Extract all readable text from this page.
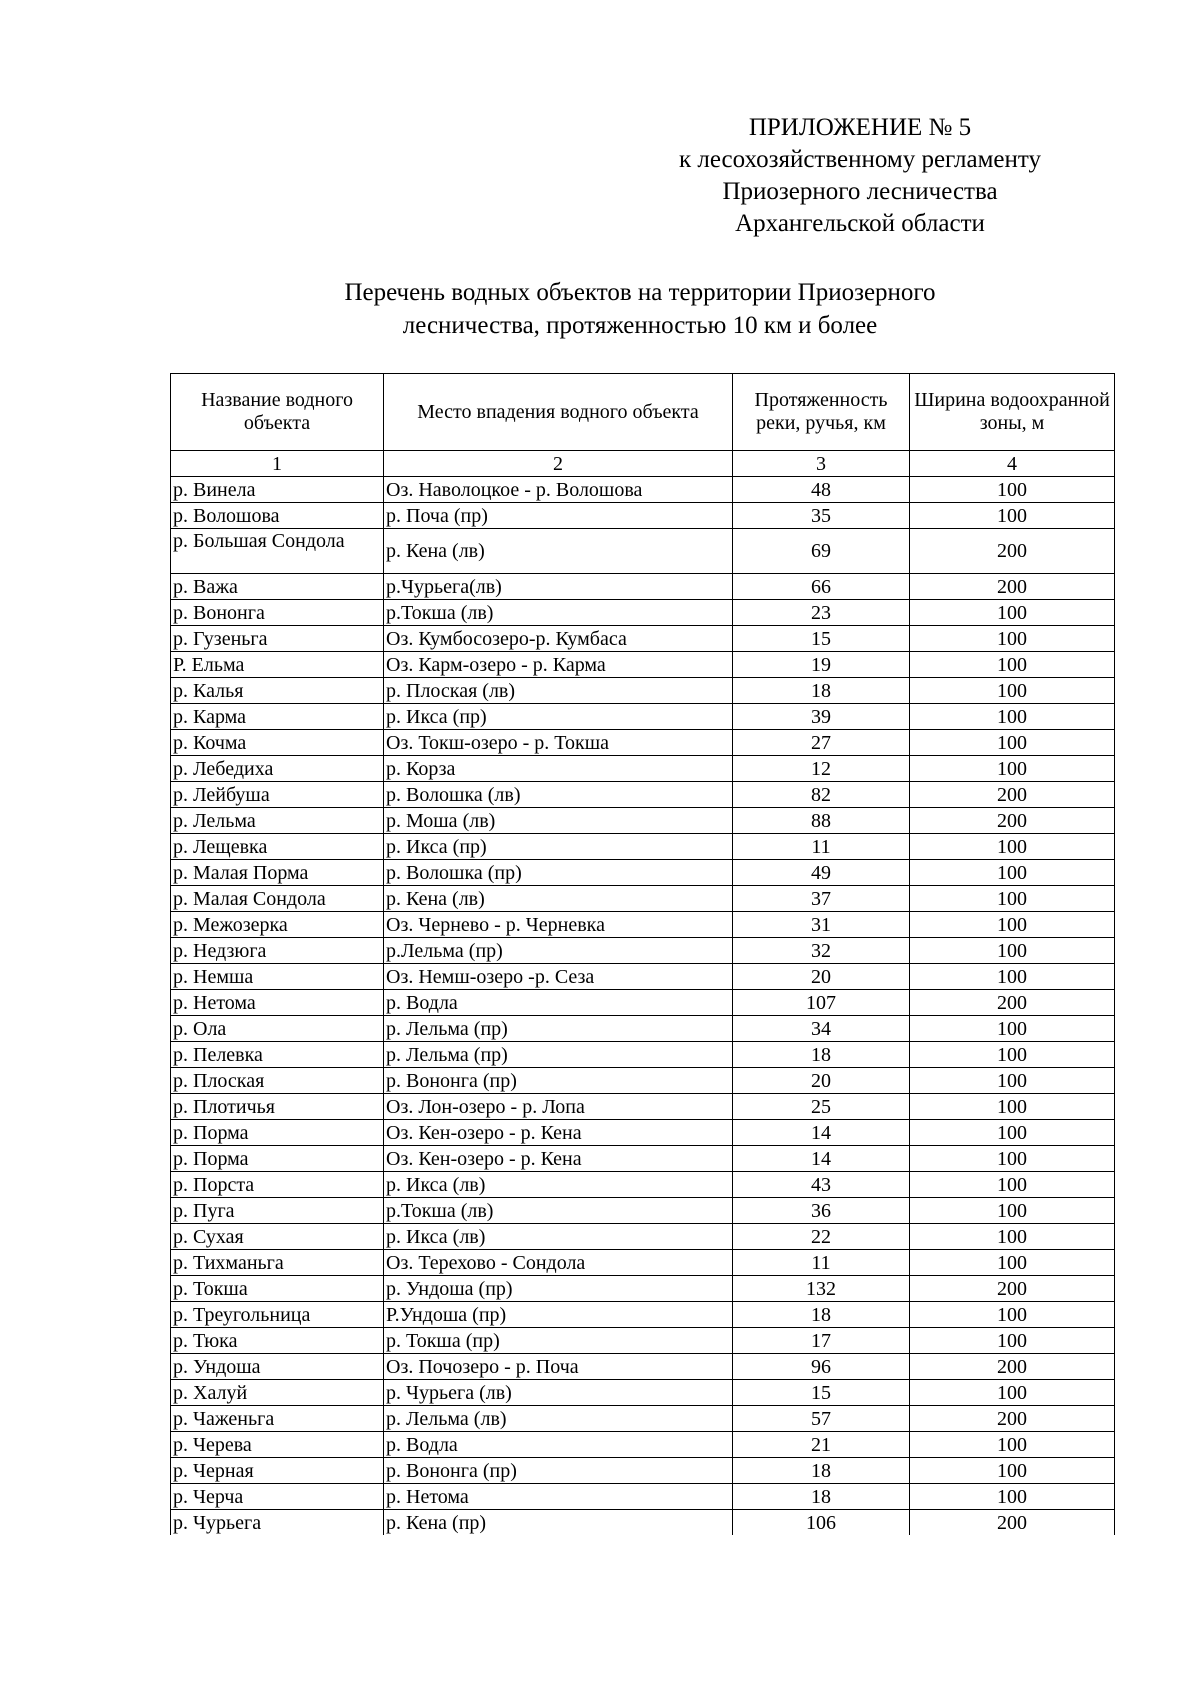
ПРИЛОЖЕНИЕ № 5
к лесохозяйственному регламенту
Приозерного лесничества
Архангельской области
Перечень водных объектов на территории Приозерного
лесничества, протяженностью 10 км и более
Название водного объекта	Место впадения водного объекта	Протяженность реки, ручья, км	Ширина водоохранной зоны, м
1	2	3	4
р. Винела	Оз. Наволоцкое - р. Волошова	48	100
р. Волошова	р. Поча (пр)	35	100
р. Большая Сондола	р. Кена (лв)	69	200
р. Важа	р.Чурьега(лв)	66	200
р. Вононга	р.Токша (лв)	23	100
р. Гузеньга	Оз. Кумбосозеро-р. Кумбаса	15	100
Р. Ельма	Оз. Карм-озеро - р. Карма	19	100
р. Калья	р. Плоская (лв)	18	100
р. Карма	р. Икса (пр)	39	100
р. Кочма	Оз. Токш-озеро - р. Токша	27	100
р. Лебедиха	р. Корза	12	100
р. Лейбуша	р. Волошка (лв)	82	200
р. Лельма	р. Моша (лв)	88	200
р. Лещевка	р. Икса (пр)	11	100
р. Малая Порма	р. Волошка (пр)	49	100
р. Малая Сондола	р. Кена (лв)	37	100
р. Межозерка	Оз. Чернево - р. Черневка	31	100
р. Недзюга	р.Лельма (пр)	32	100
р. Немша	Оз. Немш-озеро -р. Сеза	20	100
р. Нетома	р. Водла	107	200
р. Ола	р. Лельма (пр)	34	100
р. Пелевка	р. Лельма (пр)	18	100
р. Плоская	р. Вононга (пр)	20	100
р. Плотичья	Оз. Лон-озеро - р. Лопа	25	100
р. Порма	Оз. Кен-озеро - р. Кена	14	100
р. Порма	Оз. Кен-озеро - р. Кена	14	100
р. Порста	р. Икса (лв)	43	100
р. Пуга	р.Токша (лв)	36	100
р. Сухая	р. Икса (лв)	22	100
р. Тихманьга	Оз. Терехово - Сондола	11	100
р. Токша	р. Ундоша (пр)	132	200
р. Треугольница	Р.Ундоша (пр)	18	100
р. Тюка	р. Токша (пр)	17	100
р. Ундоша	Оз. Почозеро - р. Поча	96	200
р. Халуй	р. Чурьега (лв)	15	100
р. Чаженьга	р. Лельма (лв)	57	200
р. Черева	р. Водла	21	100
р. Черная	р. Вононга (пр)	18	100
р. Черча	р. Нетома	18	100
р. Чурьега	р. Кена (пр)	106	200
